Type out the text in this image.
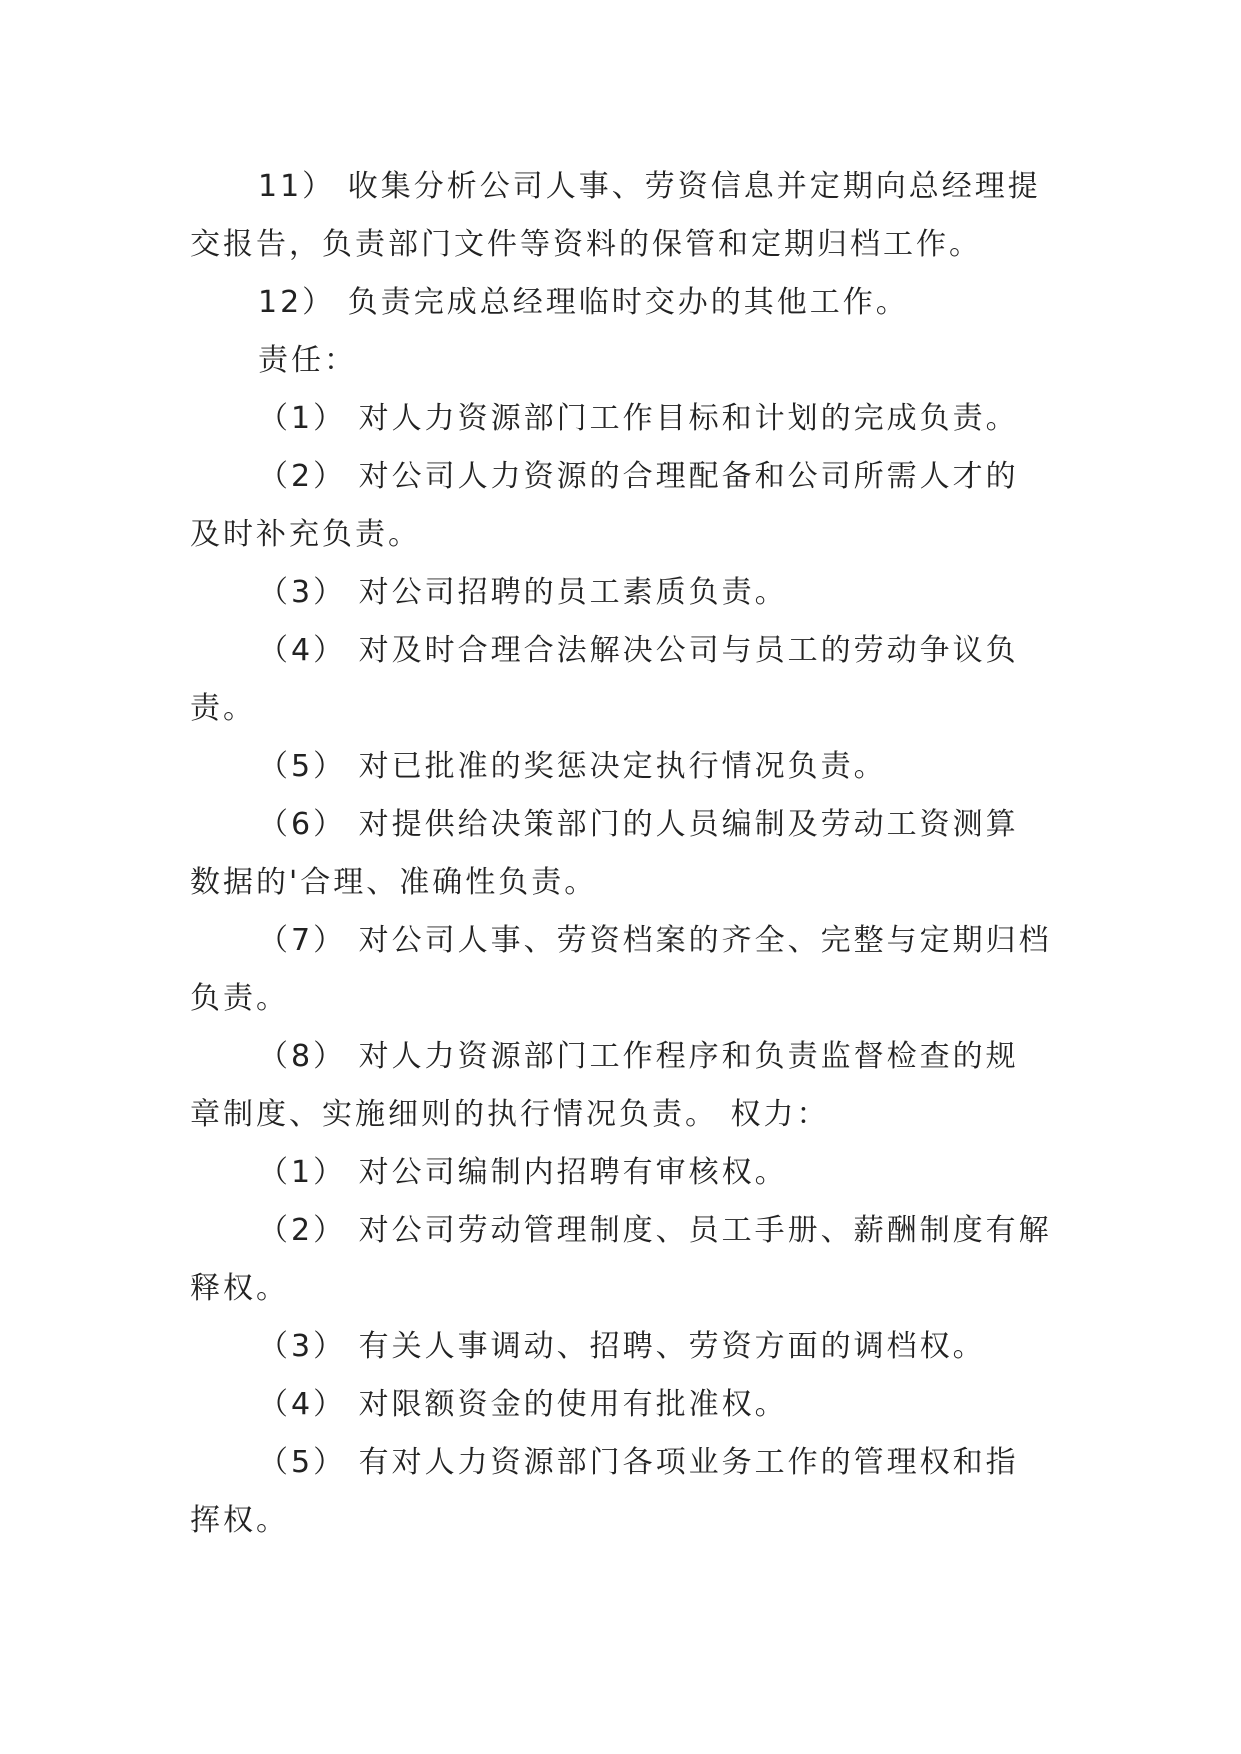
11） 收集分析公司人事、劳资信息并定期向总经理提

交报告，负责部门文件等资料的保管和定期归档工作。

12） 负责完成总经理临时交办的其他工作。

责任：

（1） 对人力资源部门工作目标和计划的完成负责。

（2） 对公司人力资源的合理配备和公司所需人才的

及时补充负责。

（3） 对公司招聘的员工素质负责。

（4） 对及时合理合法解决公司与员工的劳动争议负

责。

（5） 对已批准的奖惩决定执行情况负责。

（6） 对提供给决策部门的人员编制及劳动工资测算

数据的'合理、准确性负责。

（7） 对公司人事、劳资档案的齐全、完整与定期归档

负责。

（8） 对人力资源部门工作程序和负责监督检查的规

章制度、实施细则的执行情况负责。 权力：

（1） 对公司编制内招聘有审核权。

（2） 对公司劳动管理制度、员工手册、薪酬制度有解

释权。

（3） 有关人事调动、招聘、劳资方面的调档权。

（4） 对限额资金的使用有批准权。

（5） 有对人力资源部门各项业务工作的管理权和指

挥权。
